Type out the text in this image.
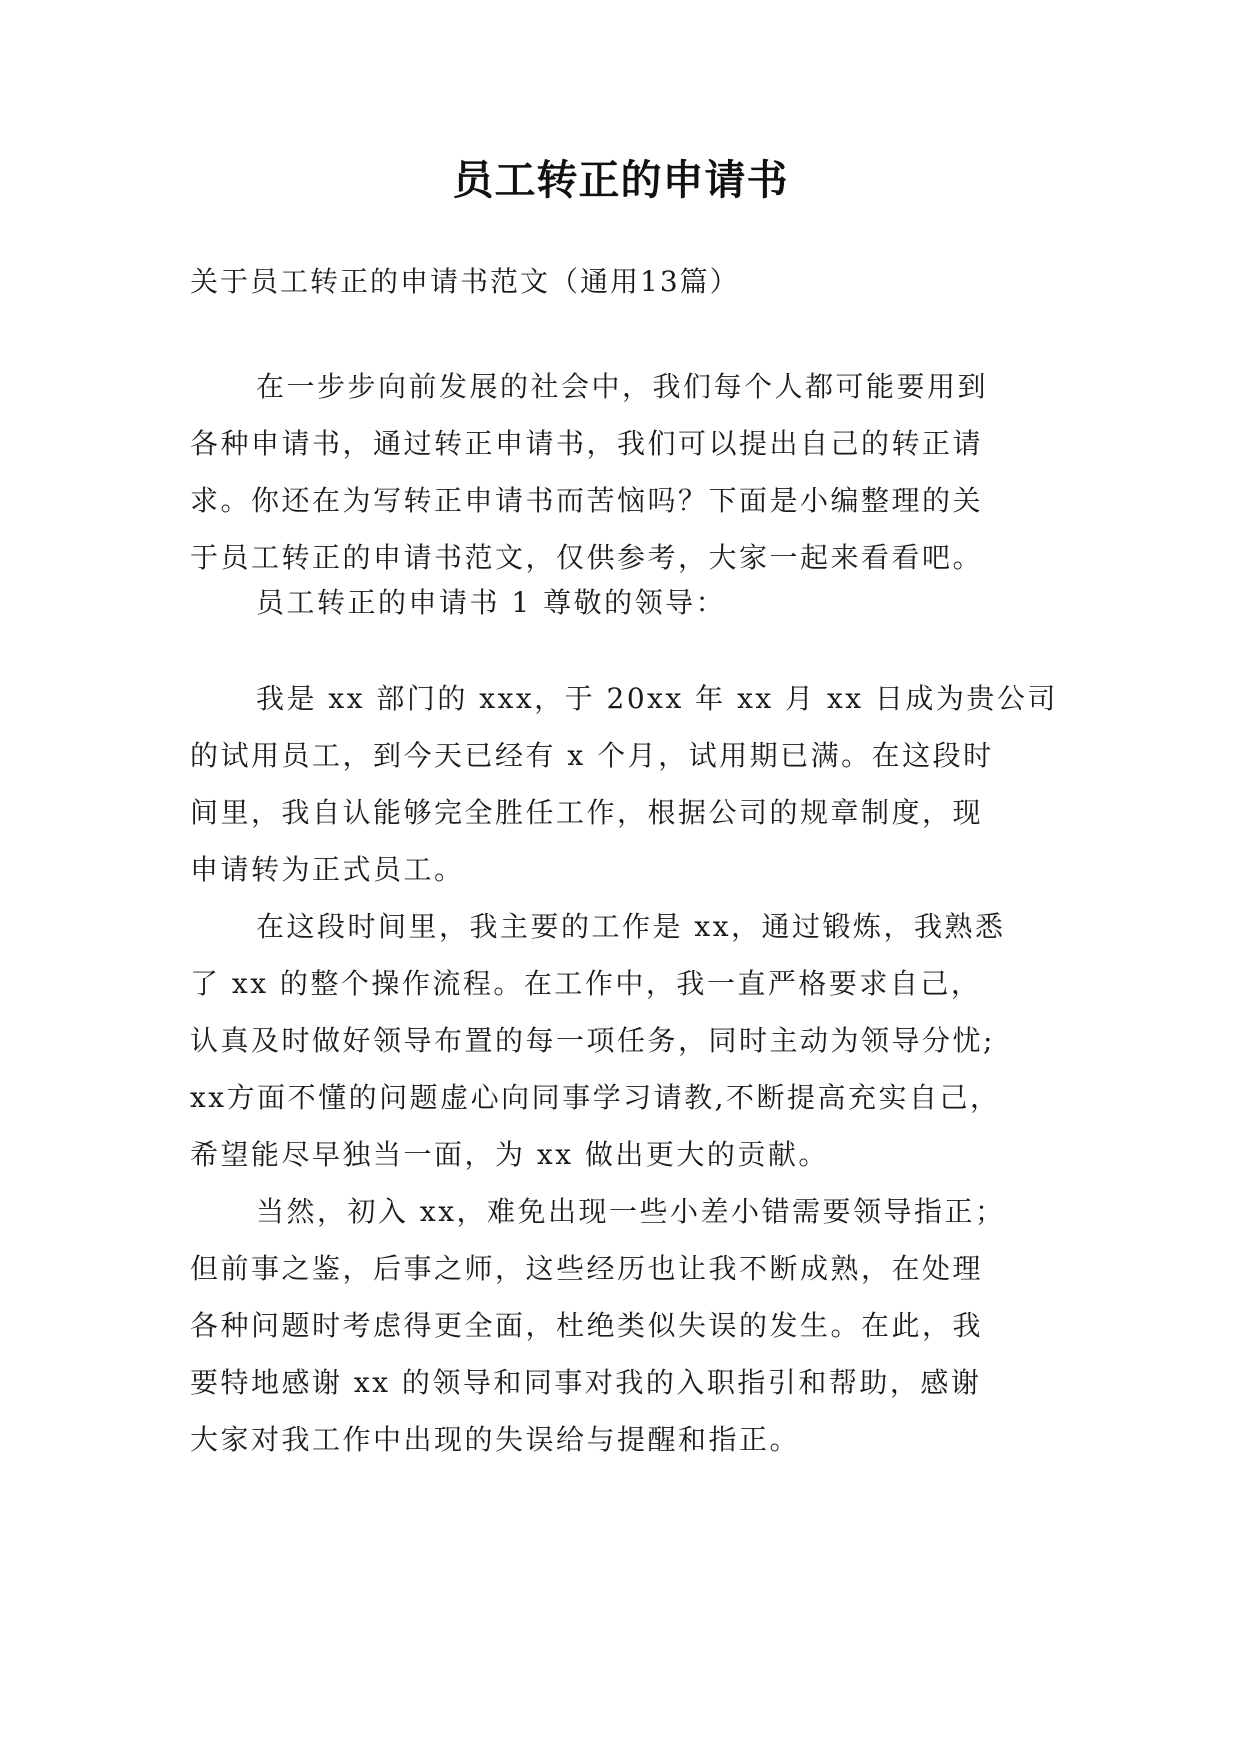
员工转正的申请书

关于员工转正的申请书范文（通用13篇）

在一步步向前发展的社会中，我们每个人都可能要用到
各种申请书，通过转正申请书，我们可以提出自己的转正请
求。你还在为写转正申请书而苦恼吗？下面是小编整理的关
于员工转正的申请书范文，仅供参考，大家一起来看看吧。
员工转正的申请书 1 尊敬的领导：
我是 xx 部门的 xxx，于 20xx 年 xx 月 xx 日成为贵公司
的试用员工，到今天已经有 x 个月，试用期已满。在这段时
间里，我自认能够完全胜任工作，根据公司的规章制度，现
申请转为正式员工。
在这段时间里，我主要的工作是 xx，通过锻炼，我熟悉
了 xx 的整个操作流程。在工作中，我一直严格要求自己，
认真及时做好领导布置的每一项任务，同时主动为领导分忧;
xx方面不懂的问题虚心向同事学习请教,不断提高充实自己，
希望能尽早独当一面，为 xx 做出更大的贡献。
当然，初入 xx，难免出现一些小差小错需要领导指正；
但前事之鉴，后事之师，这些经历也让我不断成熟，在处理
各种问题时考虑得更全面，杜绝类似失误的发生。在此，我
要特地感谢 xx 的领导和同事对我的入职指引和帮助，感谢
大家对我工作中出现的失误给与提醒和指正。
